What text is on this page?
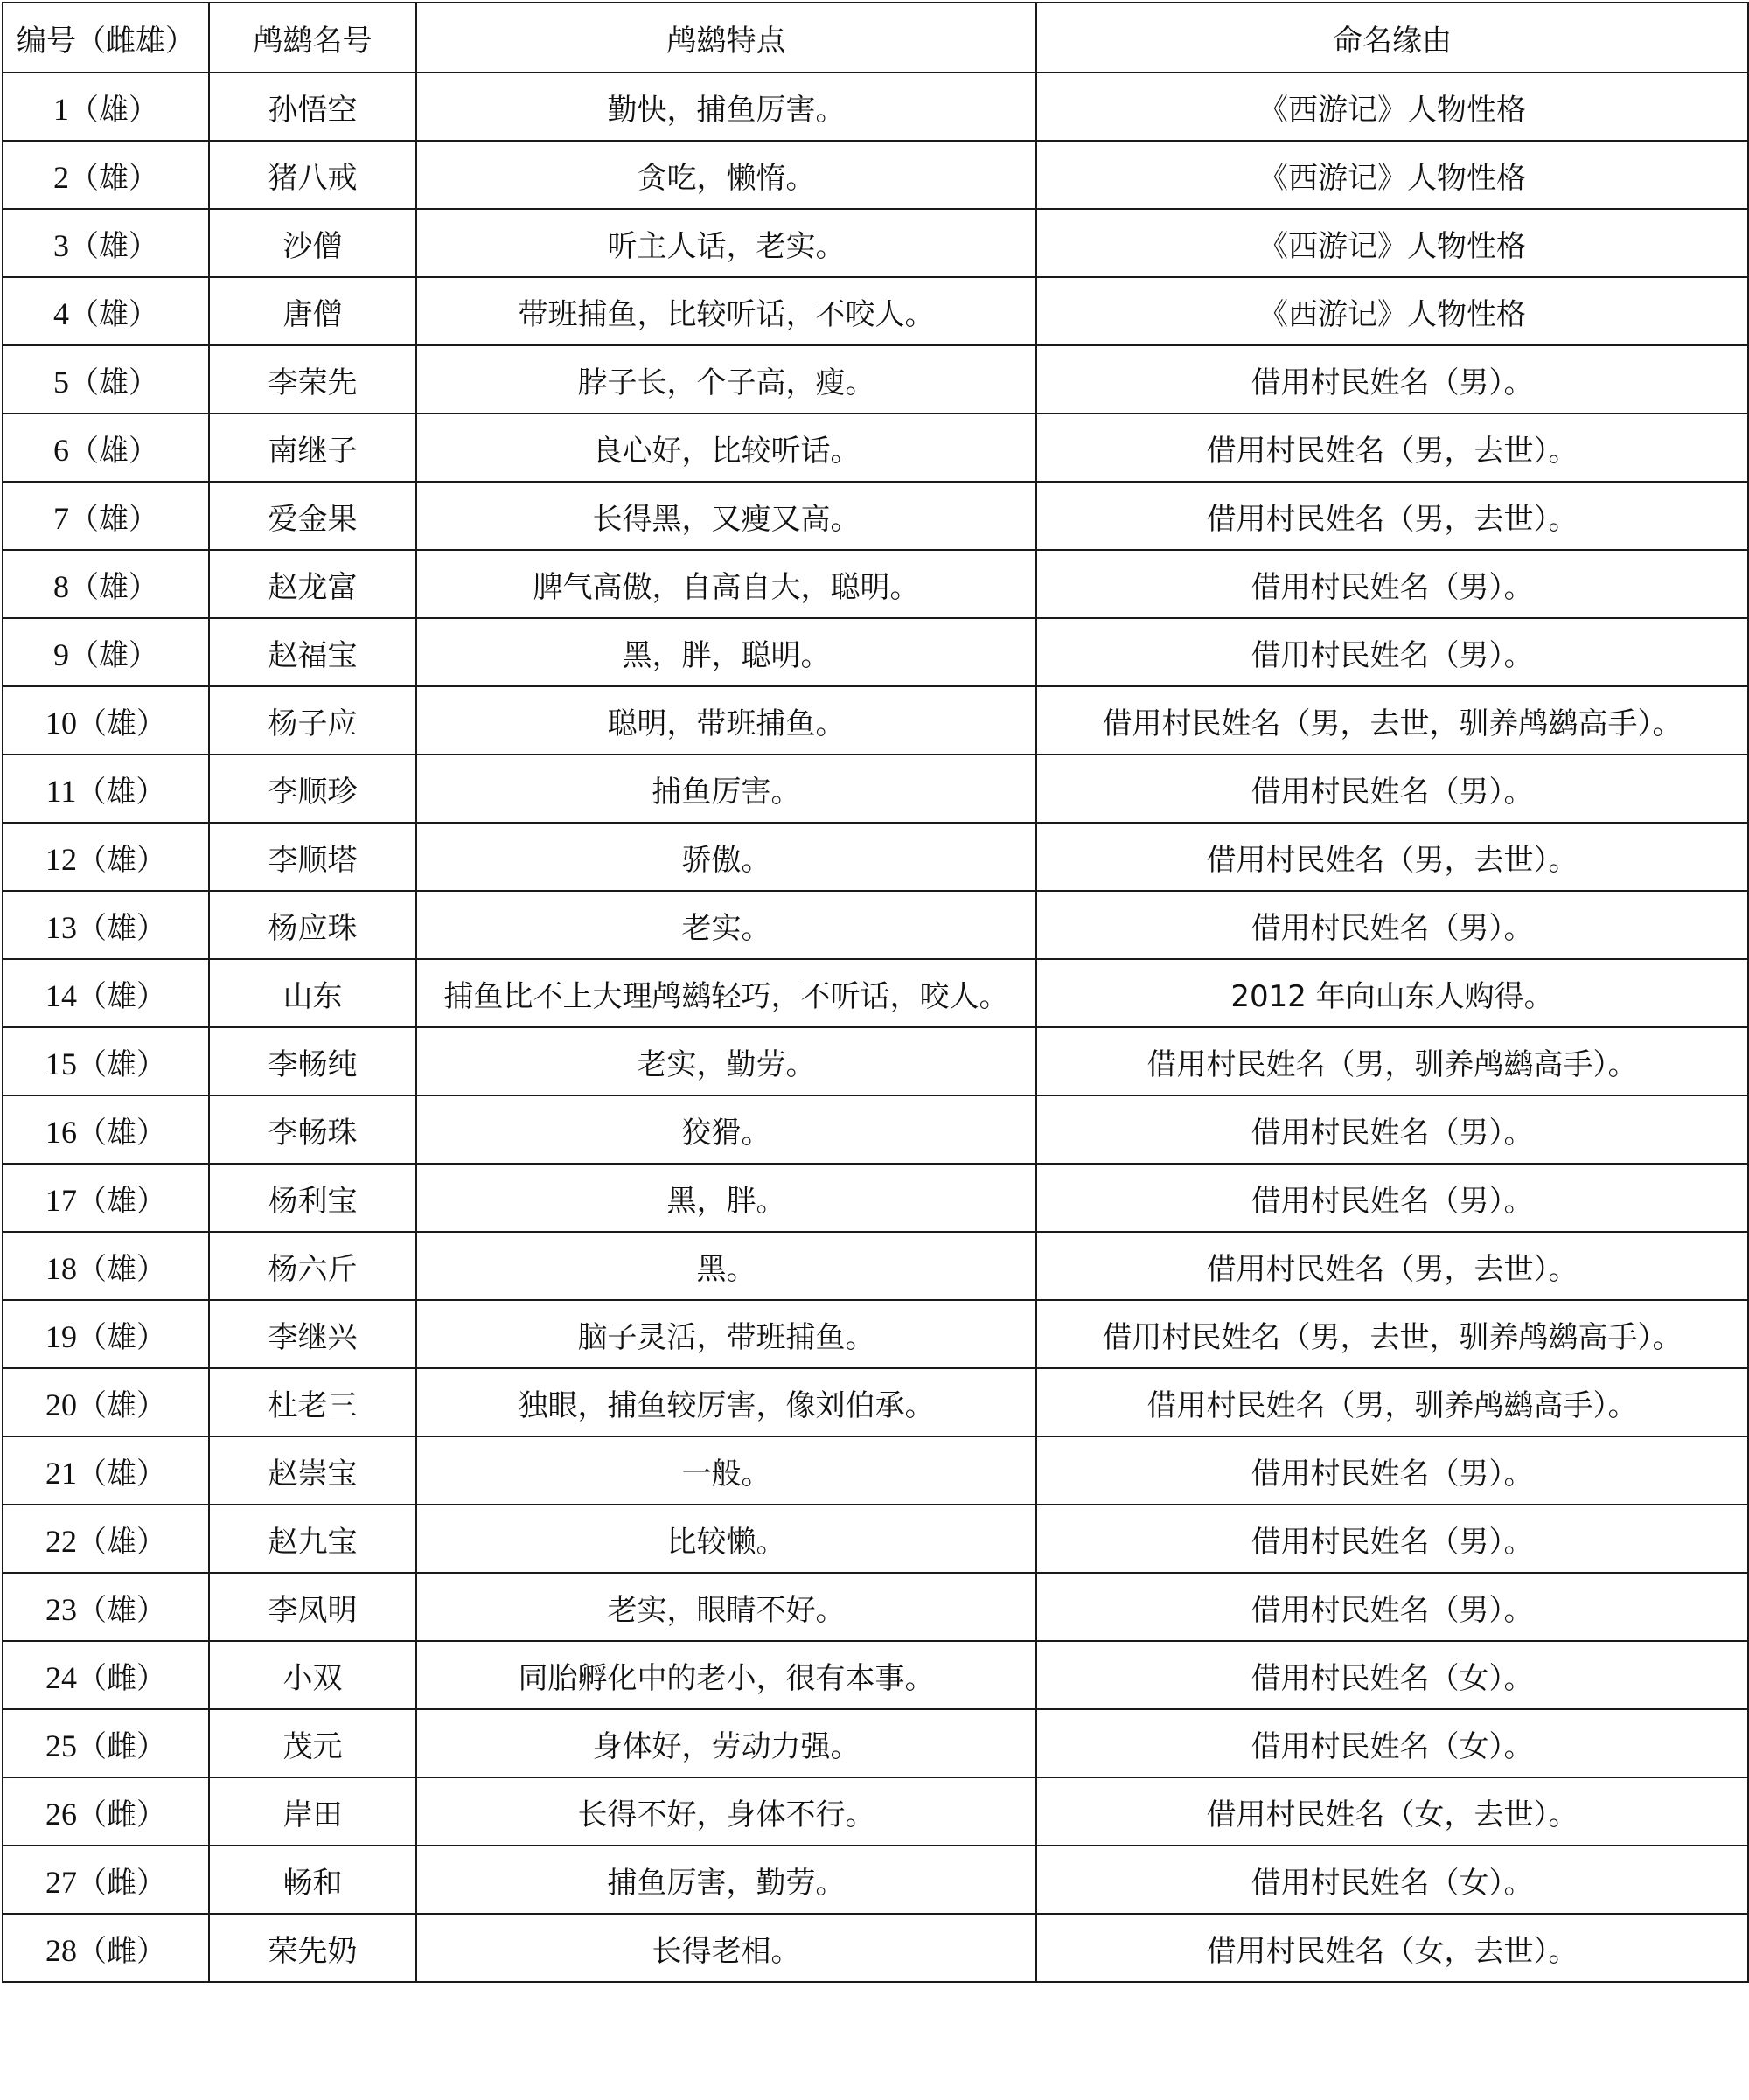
编号（雌雄）	鸬鹚名号	鸬鹚特点	命名缘由
1（雄）	孙悟空	勤快，捕鱼厉害。	《西游记》人物性格
2（雄）	猪八戒	贪吃，懒惰。	《西游记》人物性格
3（雄）	沙僧	听主人话，老实。	《西游记》人物性格
4（雄）	唐僧	带班捕鱼，比较听话，不咬人。	《西游记》人物性格
5（雄）	李荣先	脖子长，个子高，瘦。	借用村民姓名（男）。
6（雄）	南继子	良心好，比较听话。	借用村民姓名（男，去世）。
7（雄）	爱金果	长得黑，又瘦又高。	借用村民姓名（男，去世）。
8（雄）	赵龙富	脾气高傲，自高自大，聪明。	借用村民姓名（男）。
9（雄）	赵福宝	黑，胖，聪明。	借用村民姓名（男）。
10（雄）	杨子应	聪明，带班捕鱼。	借用村民姓名（男，去世，驯养鸬鹚高手）。
11（雄）	李顺珍	捕鱼厉害。	借用村民姓名（男）。
12（雄）	李顺塔	骄傲。	借用村民姓名（男，去世）。
13（雄）	杨应珠	老实。	借用村民姓名（男）。
14（雄）	山东	捕鱼比不上大理鸬鹚轻巧，不听话，咬人。	2012 年向山东人购得。
15（雄）	李畅纯	老实，勤劳。	借用村民姓名（男，驯养鸬鹚高手）。
16（雄）	李畅珠	狡猾。	借用村民姓名（男）。
17（雄）	杨利宝	黑，胖。	借用村民姓名（男）。
18（雄）	杨六斤	黑。	借用村民姓名（男，去世）。
19（雄）	李继兴	脑子灵活，带班捕鱼。	借用村民姓名（男，去世，驯养鸬鹚高手）。
20（雄）	杜老三	独眼，捕鱼较厉害，像刘伯承。	借用村民姓名（男，驯养鸬鹚高手）。
21（雄）	赵崇宝	一般。	借用村民姓名（男）。
22（雄）	赵九宝	比较懒。	借用村民姓名（男）。
23（雄）	李凤明	老实，眼睛不好。	借用村民姓名（男）。
24（雌）	小双	同胎孵化中的老小，很有本事。	借用村民姓名（女）。
25（雌）	茂元	身体好，劳动力强。	借用村民姓名（女）。
26（雌）	岸田	长得不好，身体不行。	借用村民姓名（女，去世）。
27（雌）	畅和	捕鱼厉害，勤劳。	借用村民姓名（女）。
28（雌）	荣先奶	长得老相。	借用村民姓名（女，去世）。
